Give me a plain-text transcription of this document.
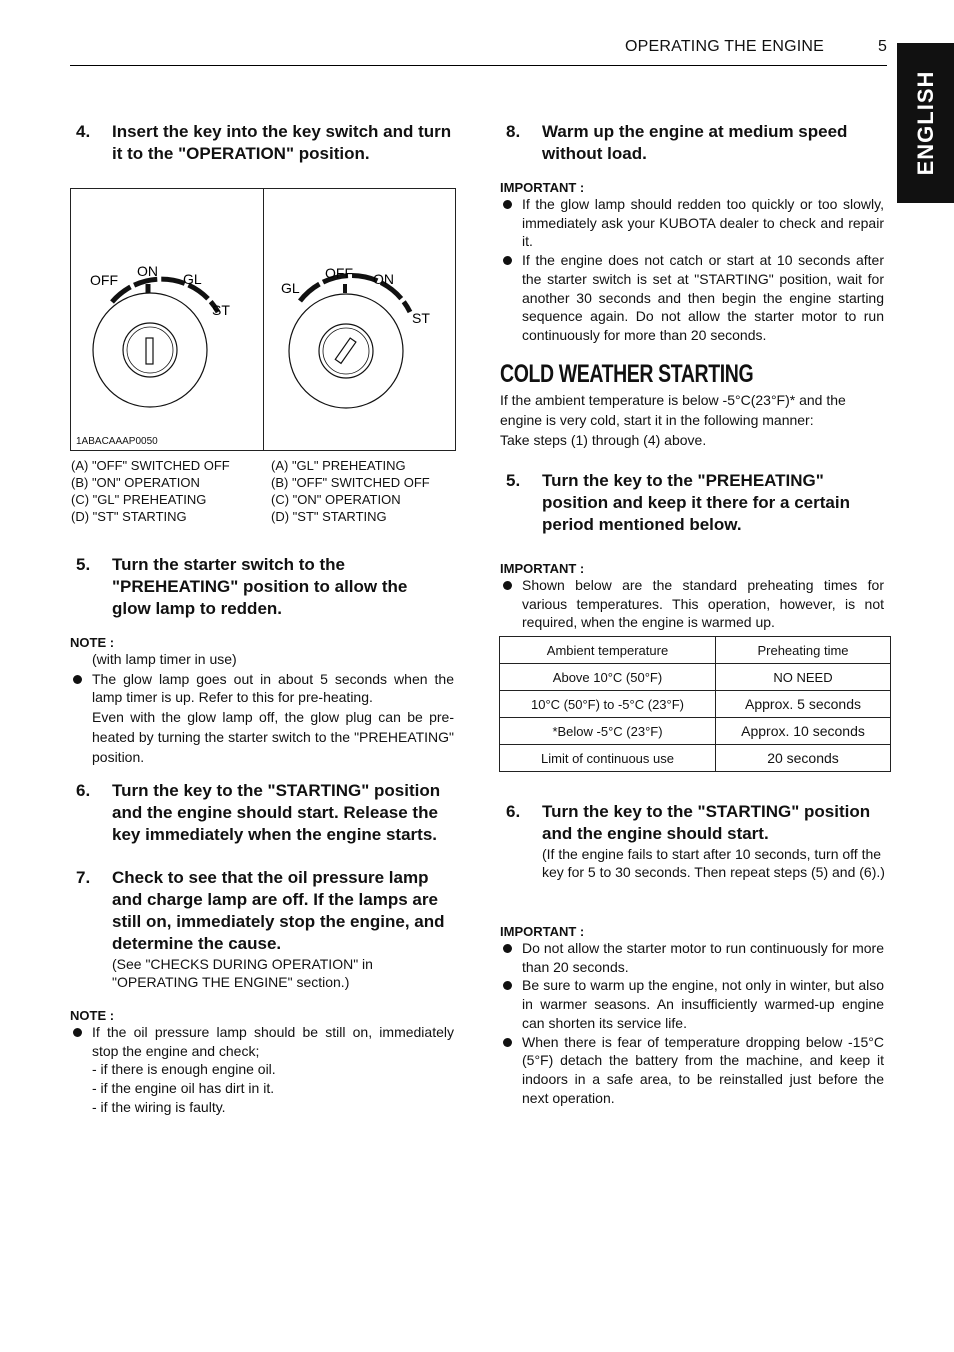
OPERATING THE ENGINE	5
ENGLISH
4. Insert the key into the key switch and turn it to the "OPERATION" position.
OFF
ON GL
ST
GL
OFF ON
ST
1ABACAAAP0050
(A) "OFF" SWITCHED OFF
(B) "ON" OPERATION
(C) "GL" PREHEATING
(D) "ST" STARTING
(A) "GL" PREHEATING
(B) "OFF" SWITCHED OFF
(C) "ON" OPERATION
(D) "ST" STARTING
5. Turn the starter switch to the "PREHEATING" position to allow the glow lamp to redden.
NOTE :
(with lamp timer in use)
The glow lamp goes out in about 5 seconds when the lamp timer is up. Refer to this for pre-heating.
Even with the glow lamp off, the glow plug can be pre-heated by turning the starter switch to the "PREHEATING" position.
6. Turn the key to the "STARTING" position and the engine should start. Release the key immediately when the engine starts.
7. Check to see that the oil pressure lamp and charge lamp are off. If the lamps are still on, immediately stop the engine, and determine the cause.
(See "CHECKS DURING OPERATION" in "OPERATING THE ENGINE" section.)
NOTE :
If the oil pressure lamp should be still on, immediately stop the engine and check;
- if there is enough engine oil.
- if the engine oil has dirt in it.
- if the wiring is faulty.
8. Warm up the engine at medium speed without load.
IMPORTANT :
If the glow lamp should redden too quickly or too slowly, immediately ask your KUBOTA dealer to check and repair it.
If the engine does not catch or start at 10 seconds after the starter switch is set at "STARTING" position, wait for another 30 seconds and then begin the engine starting sequence again. Do not allow the starter motor to run continuously for more than 20 seconds.
COLD WEATHER STARTING
If the ambient temperature is below -5°C(23°F)* and the engine is very cold, start it in the following manner:
Take steps (1) through (4) above.
5. Turn the key to the "PREHEATING" position and keep it there for a certain period mentioned below.
IMPORTANT :
Shown below are the standard preheating times for various temperatures. This operation, however, is not required, when the engine is warmed up.
Ambient temperature	Preheating time
Above 10°C (50°F)	NO NEED
10°C (50°F) to -5°C (23°F)	Approx. 5 seconds
*Below -5°C (23°F)	Approx. 10 seconds
Limit of continuous use	20 seconds
6. Turn the key to the "STARTING" position and the engine should start.
(If the engine fails to start after 10 seconds, turn off the key for 5 to 30 seconds. Then repeat steps (5) and (6).)
IMPORTANT :
Do not allow the starter motor to run continuously for more than 20 seconds.
Be sure to warm up the engine, not only in winter, but also in warmer seasons. An insufficiently warmed-up engine can shorten its service life.
When there is fear of temperature dropping below -15°C (5°F) detach the battery from the machine, and keep it indoors in a safe area, to be reinstalled just before the next operation.
